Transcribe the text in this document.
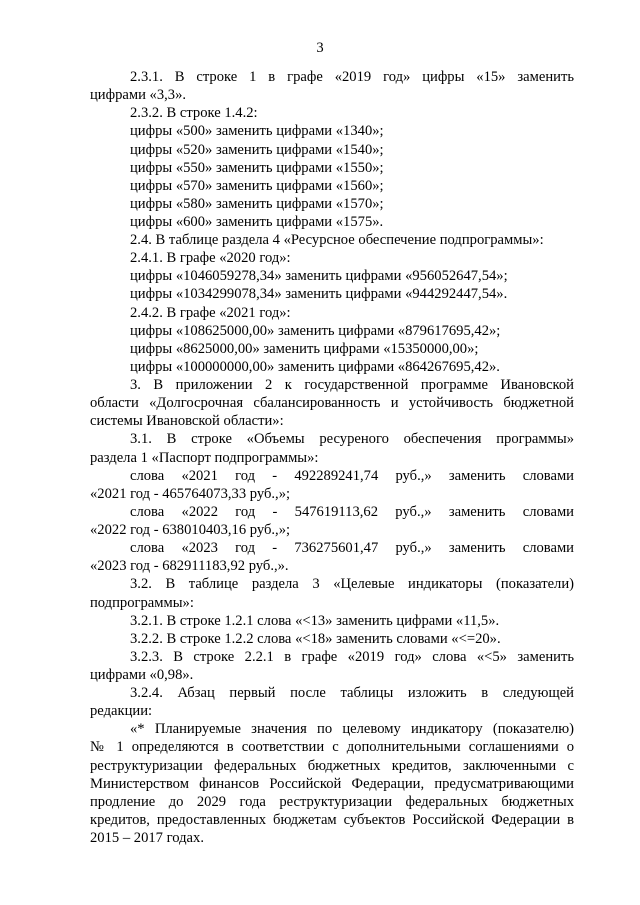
3
2.3.1. В строке 1 в графе «2019 год» цифры «15» заменить
цифрами «3,3».
2.3.2. В строке 1.4.2:
цифры «500» заменить цифрами «1340»;
цифры «520» заменить цифрами «1540»;
цифры «550» заменить цифрами «1550»;
цифры «570» заменить цифрами «1560»;
цифры «580» заменить цифрами «1570»;
цифры «600» заменить цифрами «1575».
2.4. В таблице раздела 4 «Ресурсное обеспечение подпрограммы»:
2.4.1. В графе «2020 год»:
цифры «1046059278,34» заменить цифрами «956052647,54»;
цифры «1034299078,34» заменить цифрами «944292447,54».
2.4.2. В графе «2021 год»:
цифры «108625000,00» заменить цифрами «879617695,42»;
цифры «8625000,00» заменить цифрами «15350000,00»;
цифры «100000000,00» заменить цифрами «864267695,42».
3. В приложении 2 к государственной программе Ивановской
области «Долгосрочная сбалансированность и устойчивость бюджетной
системы Ивановской области»:
3.1. В строке «Объемы ресуреного обеспечения программы»
раздела 1 «Паспорт подпрограммы»:
слова «2021 год - 492289241,74 руб.,» заменить словами
«2021 год - 465764073,33 руб.,»;
слова «2022 год - 547619113,62 руб.,» заменить словами
«2022 год - 638010403,16 руб.,»;
слова «2023 год - 736275601,47 руб.,» заменить словами
«2023 год - 682911183,92 руб.,».
3.2. В таблице раздела 3 «Целевые индикаторы (показатели)
подпрограммы»:
3.2.1. В строке 1.2.1 слова «<13» заменить цифрами «11,5».
3.2.2. В строке 1.2.2 слова «<18» заменить словами «<=20».
3.2.3. В строке 2.2.1 в графе «2019 год» слова «<5» заменить
цифрами «0,98».
3.2.4. Абзац первый после таблицы изложить в следующей
редакции:
«* Планируемые значения по целевому индикатору (показателю)
№ 1 определяются в соответствии с дополнительными соглашениями о
реструктуризации федеральных бюджетных кредитов, заключенными с
Министерством финансов Российской Федерации, предусматривающими
продление до 2029 года реструктуризации федеральных бюджетных
кредитов, предоставленных бюджетам субъектов Российской Федерации в
2015 – 2017 годах.
